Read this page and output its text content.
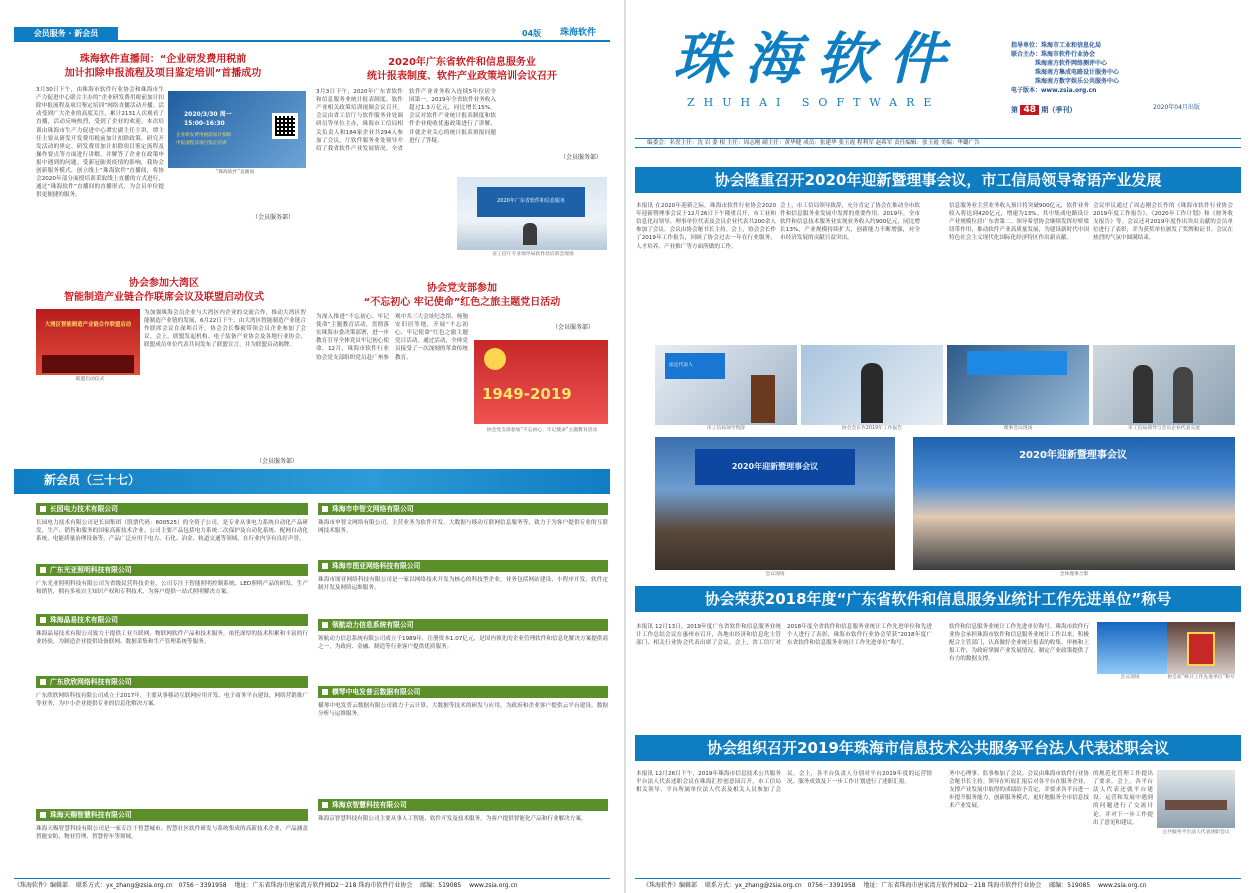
会员服务 · 新会员	04版 珠海软件
珠海软件直播间：“企业研发费用税前
加计扣除申报流程及项目鉴定培训”首播成功
3月30日下午，由珠海市软件行业协会和珠海市生产力促进中心联合主办的“企业研发费用税前加计扣除申报流程及项目鉴定培训”网络直播活动开播。活动受到广大企业的高度关注，累计2131人次观看了直播，活动反响热烈，受到了企业的欢迎。本次培训由珠海市生产力促进中心谭宏副主任主讲，谭主任主要从研发开发费用税前加计扣除政策、研究开发活动的界定、研发费用加计扣除项目鉴定流程及操作要点等方面进行讲解，并解答了企业在政策申报中遇到的问题。受新冠肺炎疫情的影响，我协会创新服务模式，创立线上“珠海软件”直播间，将协会2020年部分面授培训采取线上直播的方式进行，通过“珠海软件”直播间的直播形式，为会员单位提供更便捷的服务。
2020/3/30 周一
15:00-16:30
企业研发费用税前加计扣除
申报流程及项目鉴定培训
“珠海软件”直播间
（会员服务部）
2020年广东省软件和信息服务业
统计报表制度、软件产业政策培训会议召开
3月3日下午，2020年广东省软件和信息服务业统计报表制度、软件产业相关政策培训视频会议召开。会议由省工信厅与软件服务业处调研员等单位主办，珠海市工信局相关负责人和184家企业共294人参加了会议。厅软件服务业处领导介绍了我省软件产业发展情况。全省软件产业业务收入连续5年位居全国第一。2019年全省软件业务收入超过1.3万亿元，同比增长15%。会议对软件产业统计报表制度和软件企业税收优惠政策进行了讲解，并就企业关心的统计报表填报问题进行了答疑。
2020年广东省软件和信息服务
省工信厅专业领导局软件处培训会现场
（会员服务部）
协会参加大湾区
智能制造产业链合作联席会议及联盟启动仪式
大湾区智能制造产业链合作联盟启动
联盟启动仪式
为加强珠海会员企业与大湾区内企业的交流合作，推动大湾区智能制造产业链的发展，6月22日下午，由大湾区智能制造产业链合作联席会议在深圳召开，协会会长黎毅带领会员企业参加了会议。会上，联盟发起机构、电子装备产业协会及各地行业协会、联盟成员单位代表共同发布了联盟宣言，并为联盟启动揭牌。
（会员服务部）
协会党支部参加
“不忘初心 牢记使命”红色之旅主题党日活动
为深入推进“不忘初心、牢记使命”主题教育活动，贯彻落实珠海市委决策部署，进一步教育引导全体党员牢记初心使命，12月，珠海市软件行业协会党支部组织党员赴广州参观中共三大会址纪念馆、杨匏安旧居等地，开展“不忘初心、牢记使命”红色之旅主题党日活动。通过活动，全体党员接受了一次深刻的革命传统教育。
（会员服务部）
1949-2019
协会党支部参加“不忘初心、牢记使命”主题教育活动
新会员（三十七）
长园电力技术有限公司
长园电力技术有限公司是长园集团（股票代码：600525）的全资子公司，是专业从事电力系统自动化产品研发、生产、销售和服务的国家高新技术企业。公司主要产品包括电力系统二次保护及自动化系统、配网自动化系统、电能质量治理设备等，产品广泛应用于电力、石化、冶金、轨道交通等领域，在行业内享有良好声誉。
广东光亚照明科技有限公司
广东光亚照明科技有限公司为省级民营科技企业，公司专注于智能照明控制系统、LED照明产品的研发、生产和销售，拥有多项自主知识产权和专利技术，为客户提供一站式照明解决方案。
珠海晶易技术有限公司
珠海晶易技术有限公司致力于提供工业互联网、物联网软件产品和技术服务，依托深厚的技术积累和丰富的行业经验，为制造企业提供设备联网、数据采集和生产管理系统等服务。
广东欣欣网络科技有限公司
广东欣欣网络科技有限公司成立于2017年，主要从事移动互联网应用开发、电子商务平台建设、网络营销推广等业务，为中小企业提供专业的信息化解决方案。
珠海天赐智慧科技有限公司
珠海天赐智慧科技有限公司是一家专注于智慧城市、智慧社区软件研发与系统集成的高新技术企业，产品涵盖智能安防、物业管理、智慧停车等领域。
珠海市申智文网络有限公司
珠海市申智文网络有限公司，主营业务为软件开发、大数据与移动互联网信息服务等，致力于为客户提供专业的互联网技术服务。
珠海市图亚网络科技有限公司
珠海市图亚网络科技有限公司是一家以网络技术开发为核心的科技型企业，业务包括网站建设、小程序开发、软件定制开发及网络运维服务。
领航动力信息系统有限公司
领航动力信息系统有限公司成立于1989年，注册资本1.07亿元，是国内领先的企业管理软件和信息化解决方案提供商之一，为政府、金融、制造等行业客户提供优质服务。
横琴中电发普云数据有限公司
横琴中电发普云数据有限公司致力于云计算、大数据等技术的研发与应用，为政府和企业客户提供云平台建设、数据分析与运维服务。
珠海京智慧科技有限公司
珠海京智慧科技有限公司主要从事人工智能、软件开发及技术服务，为客户提供智能化产品和行业解决方案。
《珠海软件》编辑部 联系方式：yx_zhang@zsia.org.cn 0756－3391958 地址：广东省珠海市唐家湾方软件园D2－218 珠海市软件行业协会 邮编：519085 www.zsia.org.cn
珠海软件
ZHUHAI SOFTWARE
指导单位：珠海市工业和信息化局
联合主办：珠海市软件行业协会
珠海南方软件网络测评中心
珠海南方集成电路设计服务中心
珠海南方数字娱乐公共服务中心
电子版本：www.zsia.org.cn
第 48 期（季刊）	2020年04月出版
编委会：名誉主任：沈 岩 委 根 主任：周志刚 副主任：黄华健 成员：张建华 张玉霞 程利军 赵希军 责任编辑：张玉霞 美编：华璐广告
协会隆重召开2020年迎新暨理事会议，市工信局领导寄语产业发展
本报讯 在2020年迎新之际，珠海市软件行业协会2020年迎新暨理事会议于12月26日下午隆重召开，市工业和信息化局领导、理事单位代表及会员企业代表共200余人参加了会议。会议由协会秘书长主持。会上，协会会长作了2019年工作报告，回顾了协会过去一年在行业服务、人才培养、产业推广等方面所做的工作。
会上，市工信局领导致辞，充分肯定了协会在推动全市软件和信息服务业发展中发挥的重要作用。2019年，全市软件和信息技术服务业实现业务收入约900亿元，同比增长13%，产业规模持续扩大，创新能力不断增强，对全市经济发展的贡献日益突出。
信息服务业主营业务收入预计将突破900亿元，软件业务收入将达到420亿元，增速为13%。其中集成电路设计产业规模位居广东省第二。领导希望协会继续发挥好桥梁纽带作用，推动软件产业高质量发展，为建设新时代中国特色社会主义现代化国际化经济特区作出新贡献。
会议审议通过了周志刚会长作的《珠海市软件行业协会2019年度工作报告》、《2020年工作计划》和《财务收支报告》等。会议还对2019年度作出突出贡献的会员单位进行了表彰，并为获奖单位颁发了奖牌和证书。会议在热烈的气氛中圆满结束。
法定代表人
市工信局领导致辞	协会会长作2019年工作报告	理事会议现场	市工信局领导与会员企业代表交流
2020年迎新暨理事会议
会议现场
2020年迎新暨理事会议
全体理事合影
协会荣获2018年度“广东省软件和信息服务业统计工作先进单位”称号
本报讯 12月13日，2019年度广东省软件和信息服务业统计工作总结会议在惠州市召开，各地市经济和信息化主管部门、相关行业协会代表出席了会议。会上，省工信厅对2018年度全省软件和信息服务业统计工作先进单位和先进个人进行了表彰，珠海市软件行业协会荣获“2018年度广东省软件和信息服务业统计工作先进单位”称号。
软件和信息服务业统计工作先进单位称号。珠海市软件行业协会承担珠海市软件和信息服务业统计工作以来，积极配合主管部门，认真做好企业统计报表的收集、审核和上报工作，为政府掌握产业发展情况、制定产业政策提供了有力的数据支撑。
会议现场	协会获“统计工作先进单位”称号
协会组织召开2019年珠海市信息技术公共服务平台法人代表述职会议
本报讯 12月26日下午，2019年珠海市信息技术公共服务平台法人代表述职会议在珠海汇控创意园召开，市工信局相关领导、平台所属单位法人代表及相关人员参加了会议。会上，各平台负责人分别对平台2019年度的运营情况、服务成效及下一步工作计划进行了述职汇报。
务中心理事、监事参加了会议。会议由珠海市软件行业协会秘书长主持。领导在听取汇报后对各平台在服务企业、支撑产业发展中取得的成绩给予肯定，并要求各平台进一步提升服务能力，创新服务模式，更好地服务全市信息技术产业发展。
的规范化管理工作提出了要求。会上，各平台法人代表还就平台建设、运营和发展中遇到的问题进行了交流讨论，并对下一步工作提出了意见和建议。
公共服务平台法人代表述职会议
《珠海软件》编辑部 联系方式：yx_zhang@zsia.org.cn 0756－3391958 地址：广东省珠海市唐家湾方软件园D2－218 珠海市软件行业协会 邮编：519085 www.zsia.org.cn
